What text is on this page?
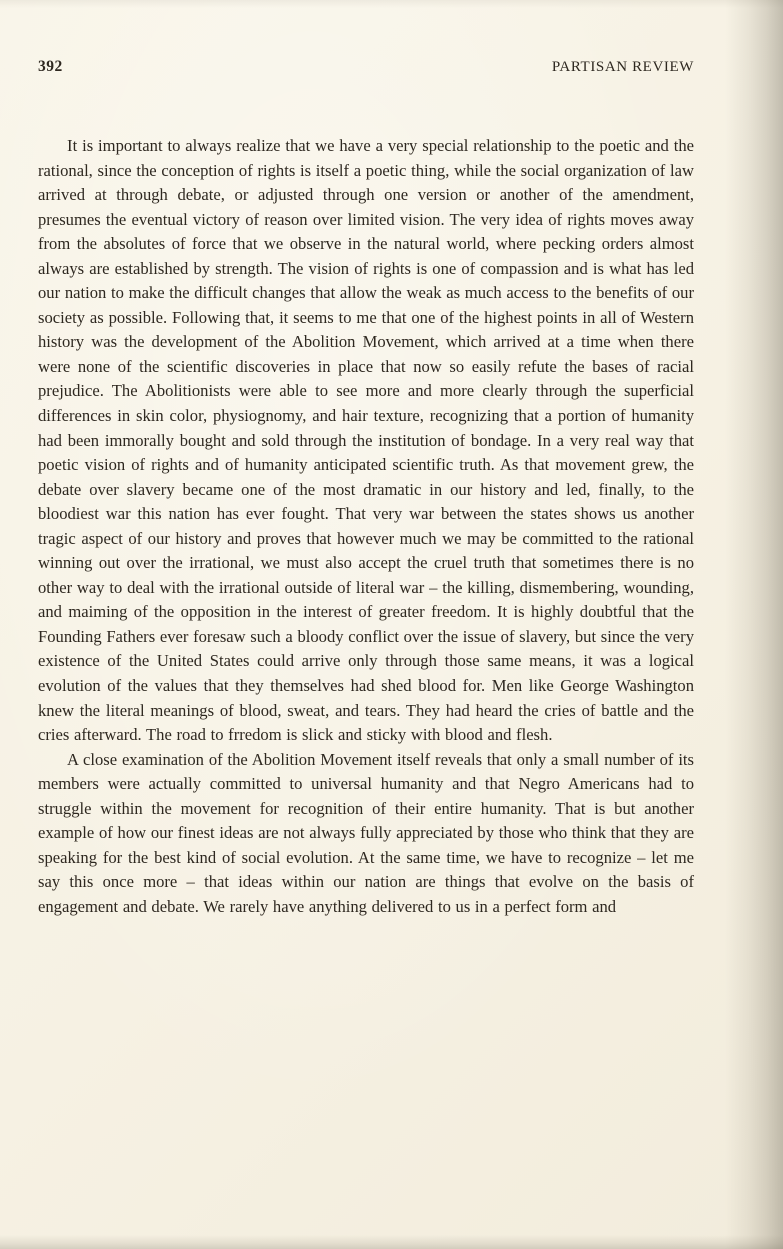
392	PARTISAN REVIEW

It is important to always realize that we have a very special relationship to the poetic and the rational, since the conception of rights is itself a poetic thing, while the social organization of law arrived at through debate, or adjusted through one version or another of the amendment, presumes the eventual victory of reason over limited vision. The very idea of rights moves away from the absolutes of force that we observe in the natural world, where pecking orders almost always are established by strength. The vision of rights is one of compassion and is what has led our nation to make the difficult changes that allow the weak as much access to the benefits of our society as possible. Following that, it seems to me that one of the highest points in all of Western history was the development of the Abolition Movement, which arrived at a time when there were none of the scientific discoveries in place that now so easily refute the bases of racial prejudice. The Abolitionists were able to see more and more clearly through the superficial differences in skin color, physiognomy, and hair texture, recognizing that a portion of humanity had been immorally bought and sold through the institution of bondage. In a very real way that poetic vision of rights and of humanity anticipated scientific truth. As that movement grew, the debate over slavery became one of the most dramatic in our history and led, finally, to the bloodiest war this nation has ever fought. That very war between the states shows us another tragic aspect of our history and proves that however much we may be committed to the rational winning out over the irrational, we must also accept the cruel truth that sometimes there is no other way to deal with the irrational outside of literal war – the killing, dismembering, wounding, and maiming of the opposition in the interest of greater freedom. It is highly doubtful that the Founding Fathers ever foresaw such a bloody conflict over the issue of slavery, but since the very existence of the United States could arrive only through those same means, it was a logical evolution of the values that they themselves had shed blood for. Men like George Washington knew the literal meanings of blood, sweat, and tears. They had heard the cries of battle and the cries afterward. The road to frredom is slick and sticky with blood and flesh.

A close examination of the Abolition Movement itself reveals that only a small number of its members were actually committed to universal humanity and that Negro Americans had to struggle within the movement for recognition of their entire humanity. That is but another example of how our finest ideas are not always fully appreciated by those who think that they are speaking for the best kind of social evolution. At the same time, we have to recognize – let me say this once more – that ideas within our nation are things that evolve on the basis of engagement and debate. We rarely have anything delivered to us in a perfect form and
